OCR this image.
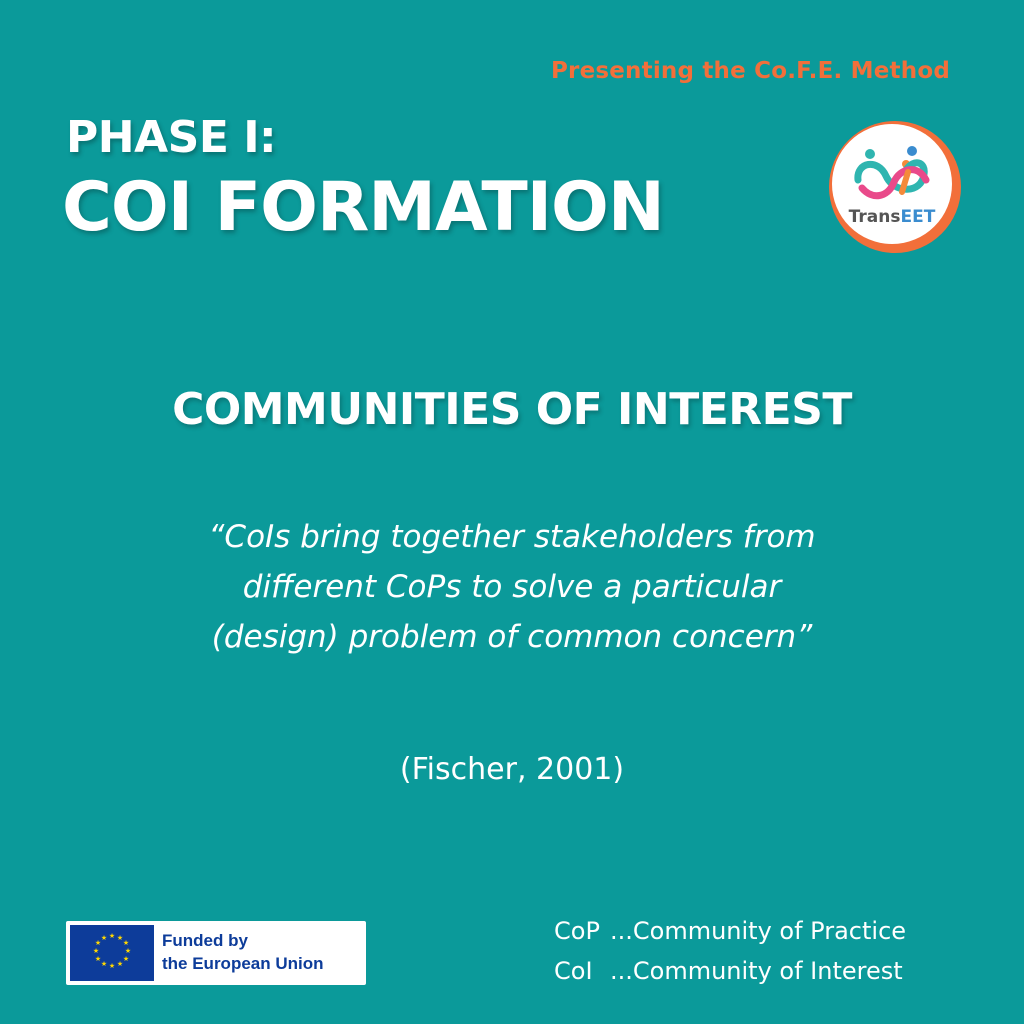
Presenting the Co.F.E. Method
PHASE I:
COI FORMATION	TransEET
COMMUNITIES OF INTEREST
“CoIs bring together stakeholders from
different CoPs to solve a particular
(design) problem of common concern”
(Fischer, 2001)
★ ★
★
★
★
★
★
★
★
★
★
★	Funded by
the European Union
CoP ...Community of Practice
CoI ...Community of Interest
